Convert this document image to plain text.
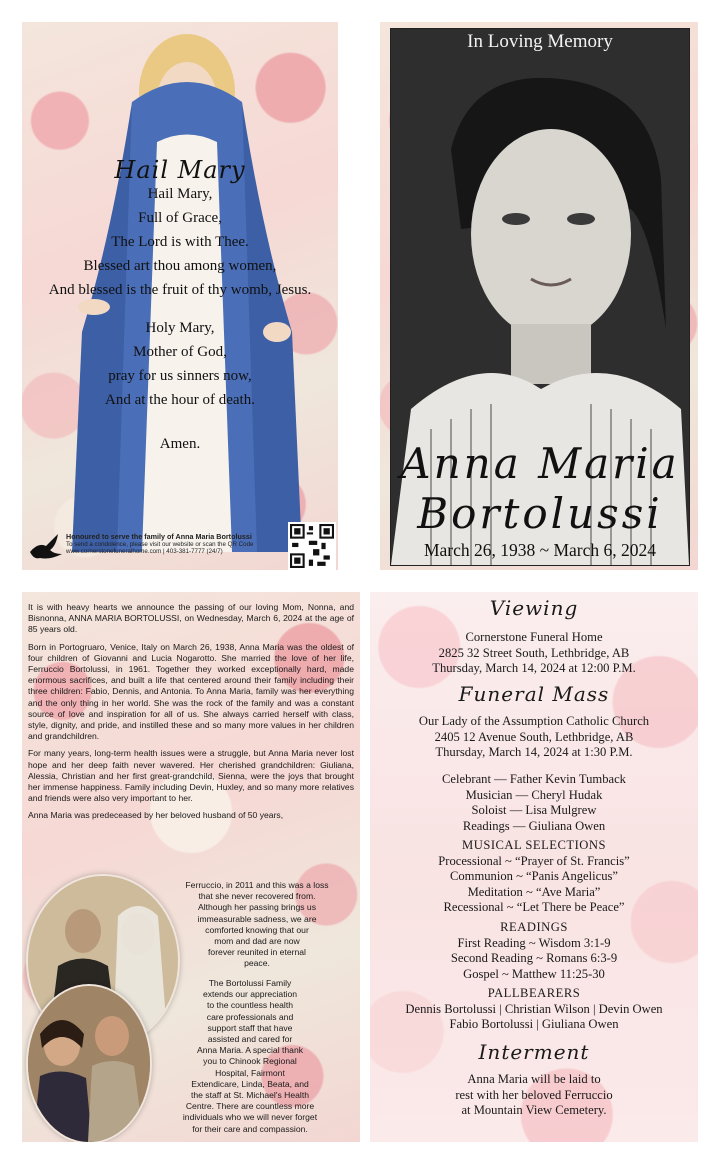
Hail Mary
Hail Mary,
Full of Grace,
The Lord is with Thee.
Blessed art thou among women,
And blessed is the fruit of thy womb, Jesus.
Holy Mary,
Mother of God,
pray for us sinners now,
And at the hour of death.
Amen.
Honoured to serve the family of Anna Maria Bortolussi
To send a condolence, please visit our website or scan the QR Code
www.cornerstonefuneralhome.com | 403-381-7777 (24/7)
In Loving Memory
Anna Maria
Bortolussi
March 26, 1938 ~ March 6, 2024

It is with heavy hearts we announce the passing of our loving Mom, Nonna, and Bisnonna, ANNA MARIA BORTOLUSSI, on Wednesday, March 6, 2024 at the age of 85 years old.

Born in Portogruaro, Venice, Italy on March 26, 1938, Anna Maria was the oldest of four children of Giovanni and Lucia Nogarotto. She married the love of her life, Ferruccio Bortolussi, in 1961. Together they worked exceptionally hard, made enormous sacrifices, and built a life that centered around their family including their three children: Fabio, Dennis, and Antonia. To Anna Maria, family was her everything and the only thing in her world. She was the rock of the family and was a constant source of love and inspiration for all of us. She always carried herself with class, style, dignity, and pride, and instilled these and so many more values in her children and grandchildren.

For many years, long-term health issues were a struggle, but Anna Maria never lost hope and her deep faith never wavered. Her cherished grandchildren: Giuliana, Alessia, Christian and her first great-grandchild, Sienna, were the joys that brought her immense happiness. Family including Devin, Huxley, and so many more relatives and friends were also very important to her.

Anna Maria was predeceased by her beloved husband of 50 years,

Ferruccio, in 2011 and this was a loss
that she never recovered from.
Although her passing brings us
immeasurable sadness, we are
comforted knowing that our
mom and dad are now
forever reunited in eternal
peace.
The Bortolussi Family
extends our appreciation
to the countless health
care professionals and
support staff that have
assisted and cared for
Anna Maria. A special thank
you to Chinook Regional
Hospital, Fairmont
Extendicare, Linda, Beata, and
the staff at St. Michael's Health
Centre. There are countless more
individuals who we will never forget
for their care and compassion.
Viewing
Cornerstone Funeral Home
2825 32 Street South, Lethbridge, AB
Thursday, March 14, 2024 at 12:00 P.M.
Funeral Mass
Our Lady of the Assumption Catholic Church
2405 12 Avenue South, Lethbridge, AB
Thursday, March 14, 2024 at 1:30 P.M.
Celebrant — Father Kevin Tumback
Musician — Cheryl Hudak
Soloist — Lisa Mulgrew
Readings — Giuliana Owen
MUSICAL SELECTIONS
Processional ~ “Prayer of St. Francis”
Communion ~ “Panis Angelicus”
Meditation ~ “Ave Maria”
Recessional ~ “Let There be Peace”
READINGS
First Reading ~ Wisdom 3:1-9
Second Reading ~ Romans 6:3-9
Gospel ~ Matthew 11:25-30
PALLBEARERS
Dennis Bortolussi | Christian Wilson | Devin Owen
Fabio Bortolussi | Giuliana Owen
Interment
Anna Maria will be laid to
rest with her beloved Ferruccio
at Mountain View Cemetery.
